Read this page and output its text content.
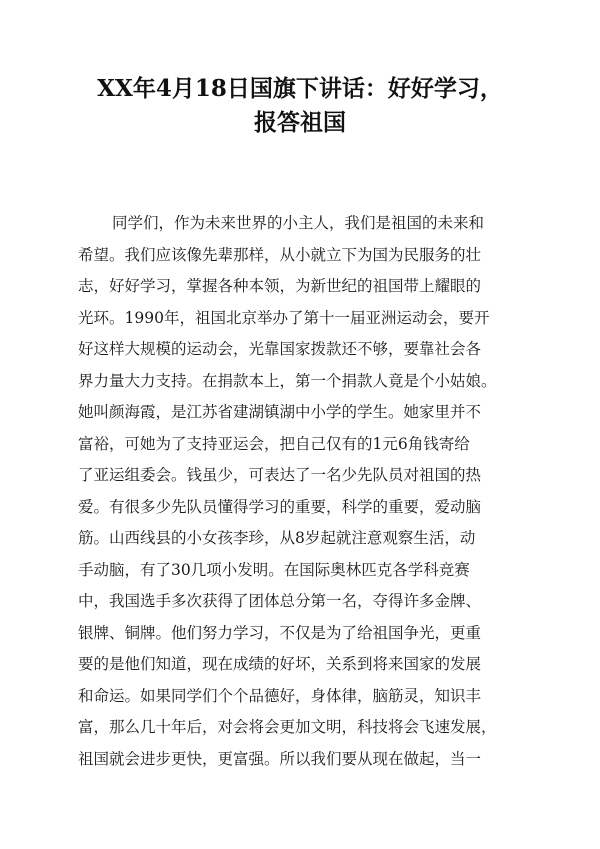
XX年4月18日国旗下讲话：好好学习，
报答祖国
同学们，作为未来世界的小主人，我们是祖国的未来和
希望。我们应该像先辈那样，从小就立下为国为民服务的壮
志，好好学习，掌握各种本领，为新世纪的祖国带上耀眼的
光环。1990年，祖国北京举办了第十一届亚洲运动会，要开
好这样大规模的运动会，光靠国家拨款还不够，要靠社会各
界力量大力支持。在捐款本上，第一个捐款人竟是个小姑娘。
她叫颜海霞，是江苏省建湖镇湖中小学的学生。她家里并不
富裕，可她为了支持亚运会，把自己仅有的1元6角钱寄给
了亚运组委会。钱虽少，可表达了一名少先队员对祖国的热
爱。有很多少先队员懂得学习的重要，科学的重要，爱动脑
筋。山西线县的小女孩李珍，从8岁起就注意观察生活，动
手动脑，有了30几项小发明。在国际奥林匹克各学科竞赛
中，我国选手多次获得了团体总分第一名，夺得许多金牌、
银牌、铜牌。他们努力学习，不仅是为了给祖国争光，更重
要的是他们知道，现在成绩的好坏，关系到将来国家的发展
和命运。如果同学们个个品德好，身体律，脑筋灵，知识丰
富，那么几十年后，对会将会更加文明，科技将会飞速发展，
祖国就会进步更快，更富强。所以我们要从现在做起，当一
